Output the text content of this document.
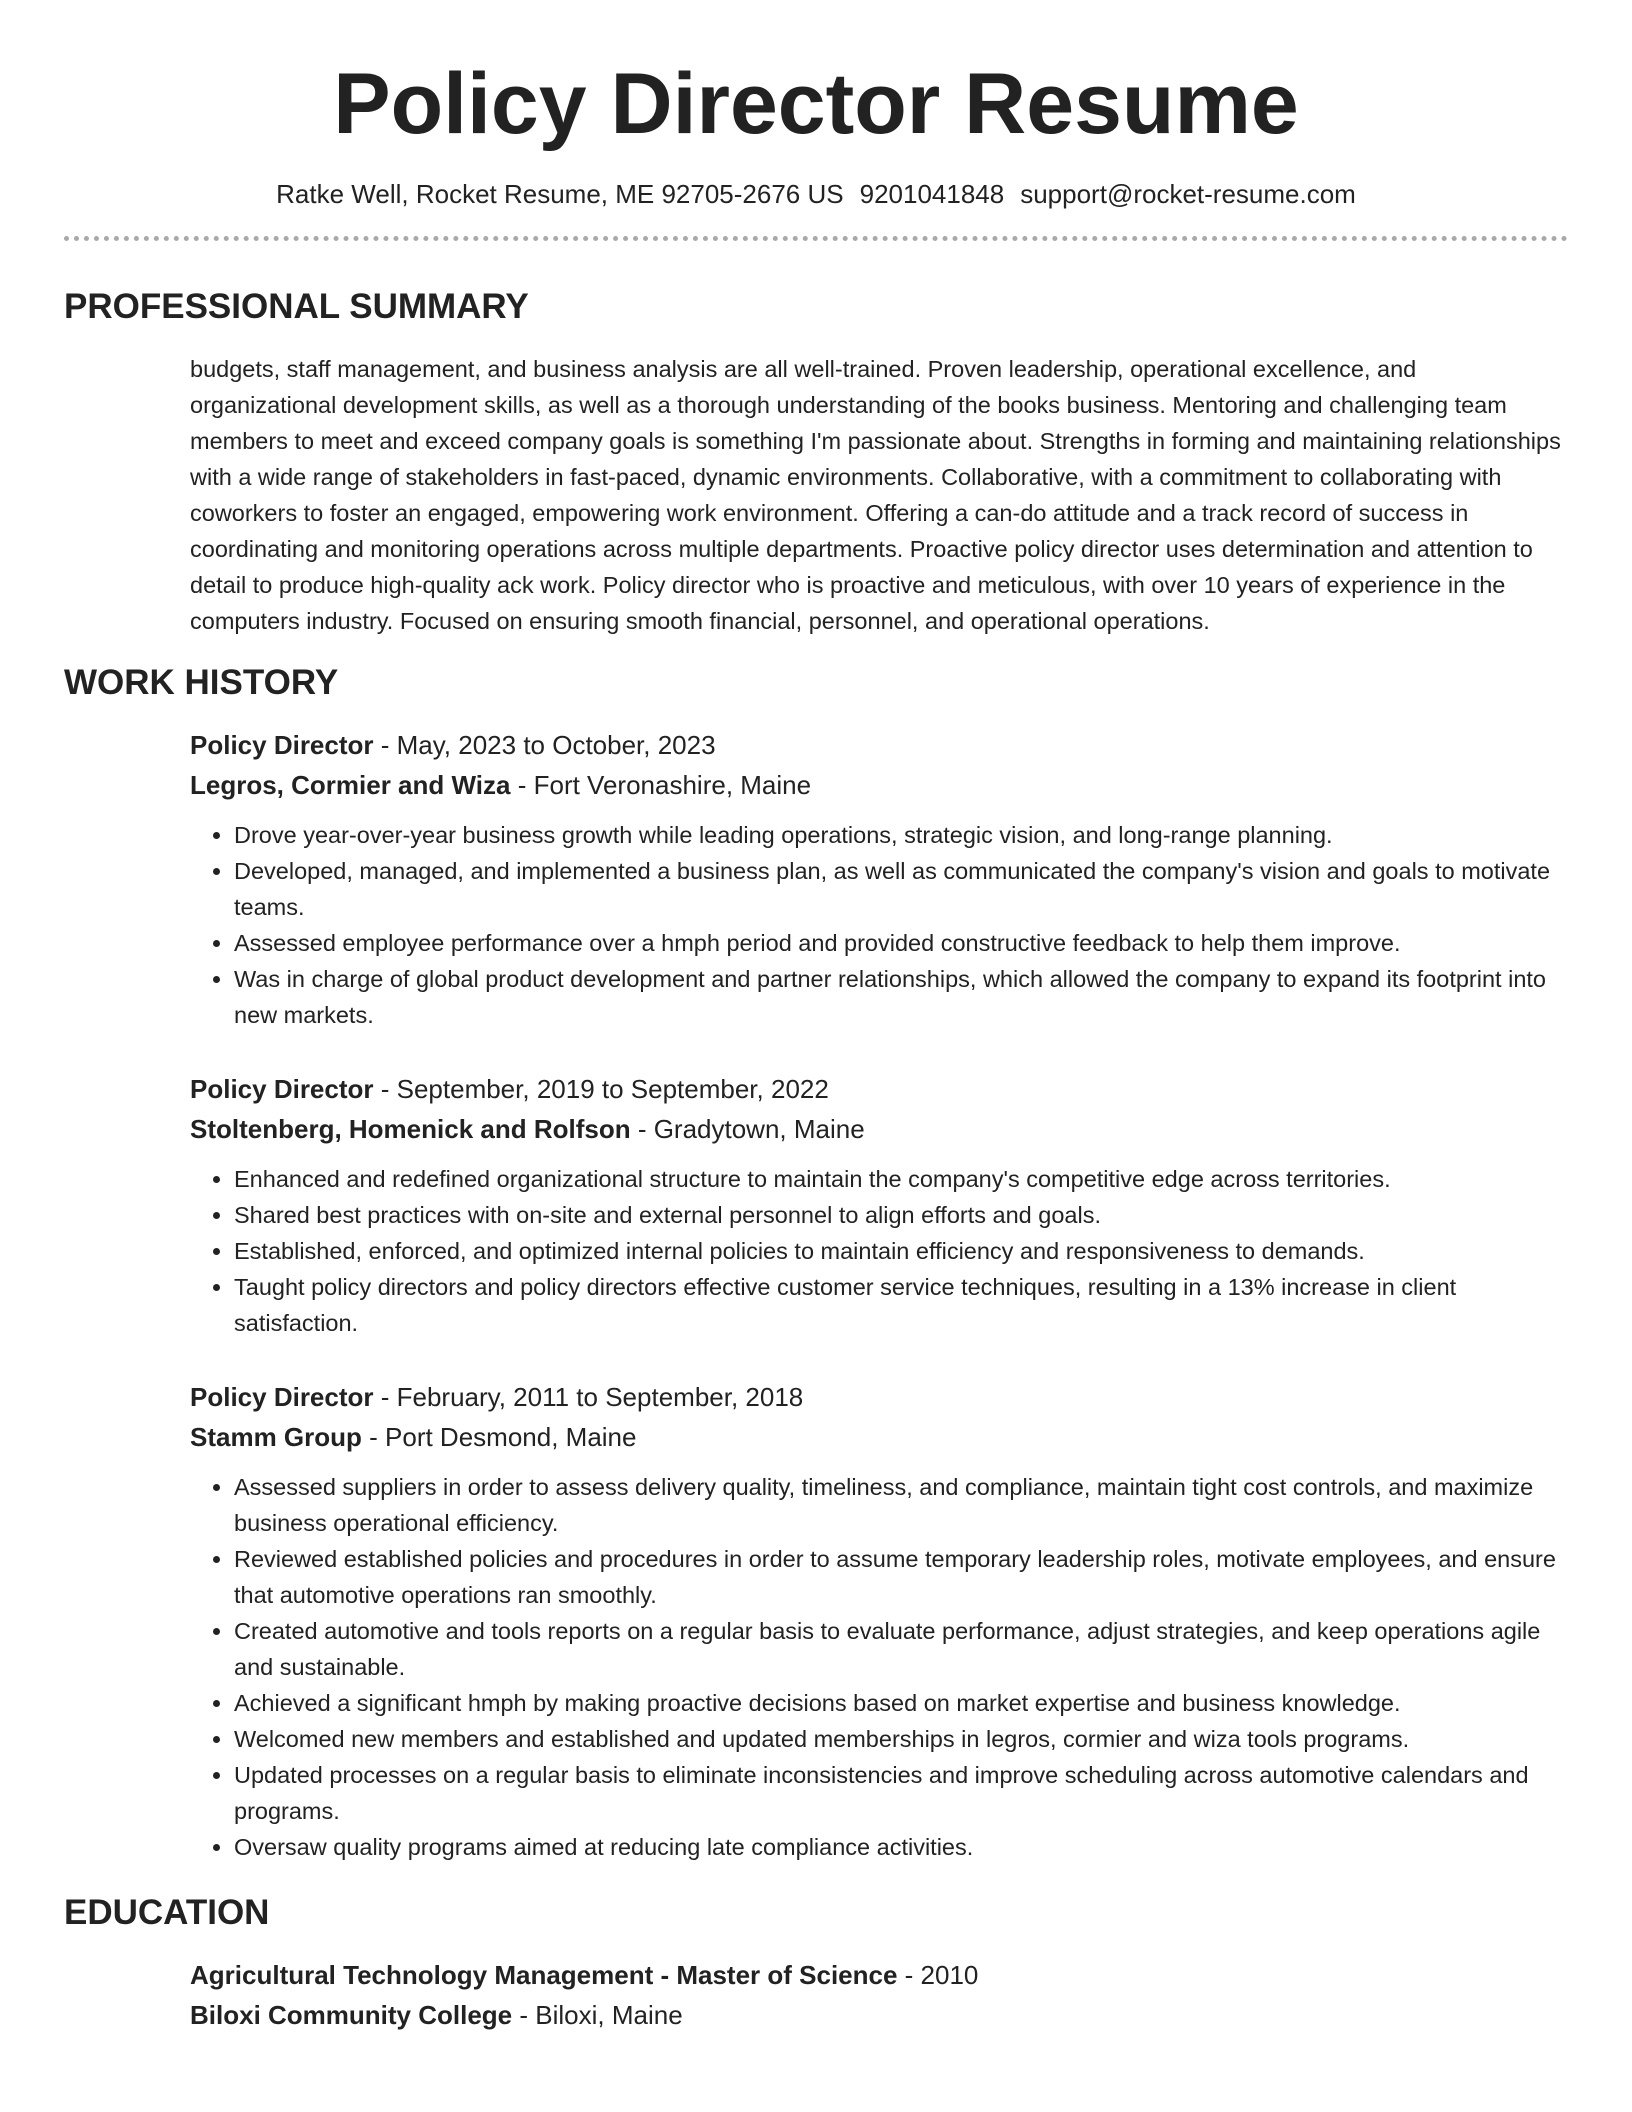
Policy Director Resume
Ratke Well, Rocket Resume, ME 92705-2676 US 9201041848 support@rocket-resume.com
PROFESSIONAL SUMMARY
budgets, staff management, and business analysis are all well-trained. Proven leadership, operational excellence, and organizational development skills, as well as a thorough understanding of the books business. Mentoring and challenging team members to meet and exceed company goals is something I'm passionate about. Strengths in forming and maintaining relationships with a wide range of stakeholders in fast-paced, dynamic environments. Collaborative, with a commitment to collaborating with coworkers to foster an engaged, empowering work environment. Offering a can-do attitude and a track record of success in coordinating and monitoring operations across multiple departments. Proactive policy director uses determination and attention to detail to produce high-quality ack work. Policy director who is proactive and meticulous, with over 10 years of experience in the computers industry. Focused on ensuring smooth financial, personnel, and operational operations.
WORK HISTORY
Policy Director - May, 2023 to October, 2023
Legros, Cormier and Wiza - Fort Veronashire, Maine
• Drove year-over-year business growth while leading operations, strategic vision, and long-range planning.
• Developed, managed, and implemented a business plan, as well as communicated the company's vision and goals to motivate teams.
• Assessed employee performance over a hmph period and provided constructive feedback to help them improve.
• Was in charge of global product development and partner relationships, which allowed the company to expand its footprint into new markets.
Policy Director - September, 2019 to September, 2022
Stoltenberg, Homenick and Rolfson - Gradytown, Maine
• Enhanced and redefined organizational structure to maintain the company's competitive edge across territories.
• Shared best practices with on-site and external personnel to align efforts and goals.
• Established, enforced, and optimized internal policies to maintain efficiency and responsiveness to demands.
• Taught policy directors and policy directors effective customer service techniques, resulting in a 13% increase in client satisfaction.
Policy Director - February, 2011 to September, 2018
Stamm Group - Port Desmond, Maine
• Assessed suppliers in order to assess delivery quality, timeliness, and compliance, maintain tight cost controls, and maximize business operational efficiency.
• Reviewed established policies and procedures in order to assume temporary leadership roles, motivate employees, and ensure that automotive operations ran smoothly.
• Created automotive and tools reports on a regular basis to evaluate performance, adjust strategies, and keep operations agile and sustainable.
• Achieved a significant hmph by making proactive decisions based on market expertise and business knowledge.
• Welcomed new members and established and updated memberships in legros, cormier and wiza tools programs.
• Updated processes on a regular basis to eliminate inconsistencies and improve scheduling across automotive calendars and programs.
• Oversaw quality programs aimed at reducing late compliance activities.
EDUCATION
Agricultural Technology Management - Master of Science - 2010
Biloxi Community College - Biloxi, Maine
